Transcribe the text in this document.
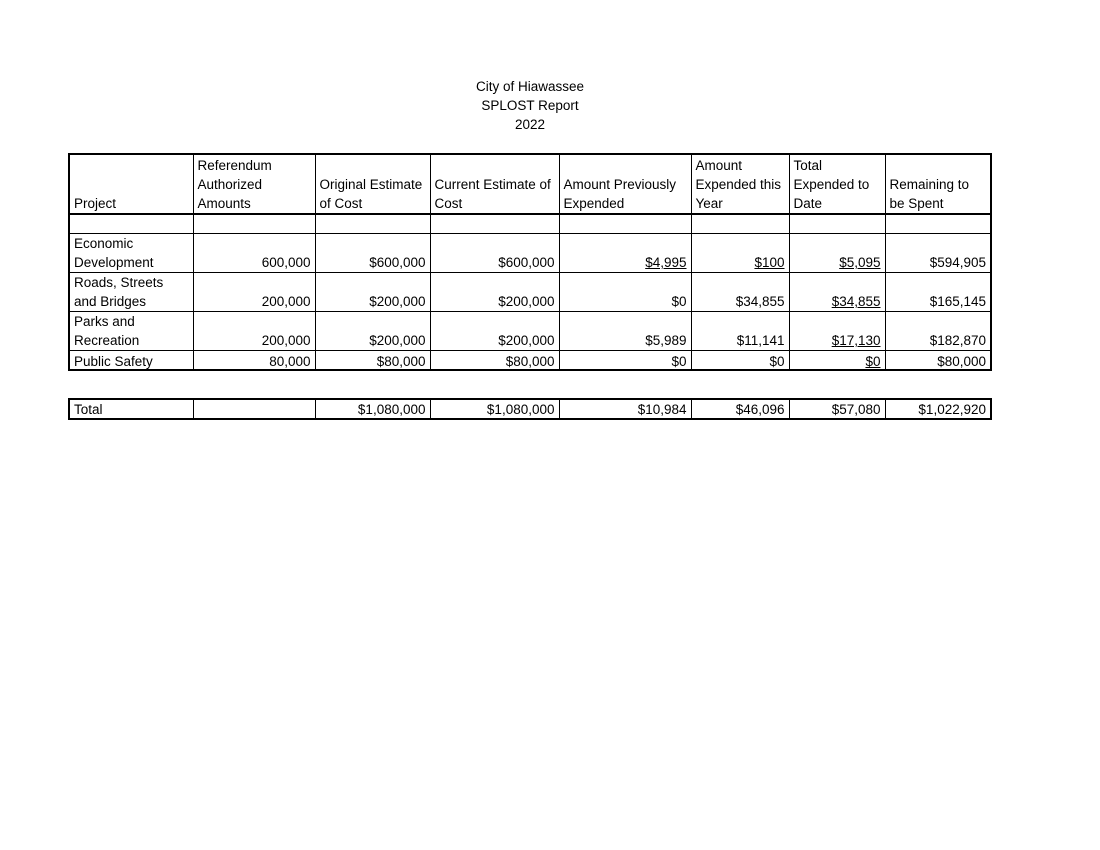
City of Hiawassee
SPLOST Report
2022
Project	Referendum Authorized Amounts	Original Estimate of Cost	Current Estimate of Cost	Amount Previously Expended	Amount Expended this Year	Total Expended to Date	Remaining to be Spent

Economic Development	600,000	$600,000	$600,000	$4,995	$100	$5,095	$594,905
Roads, Streets and Bridges	200,000	$200,000	$200,000	$0	$34,855	$34,855	$165,145
Parks and Recreation	200,000	$200,000	$200,000	$5,989	$11,141	$17,130	$182,870
Public Safety	80,000	$80,000	$80,000	$0	$0	$0	$80,000
Total		$1,080,000	$1,080,000	$10,984	$46,096	$57,080	$1,022,920
